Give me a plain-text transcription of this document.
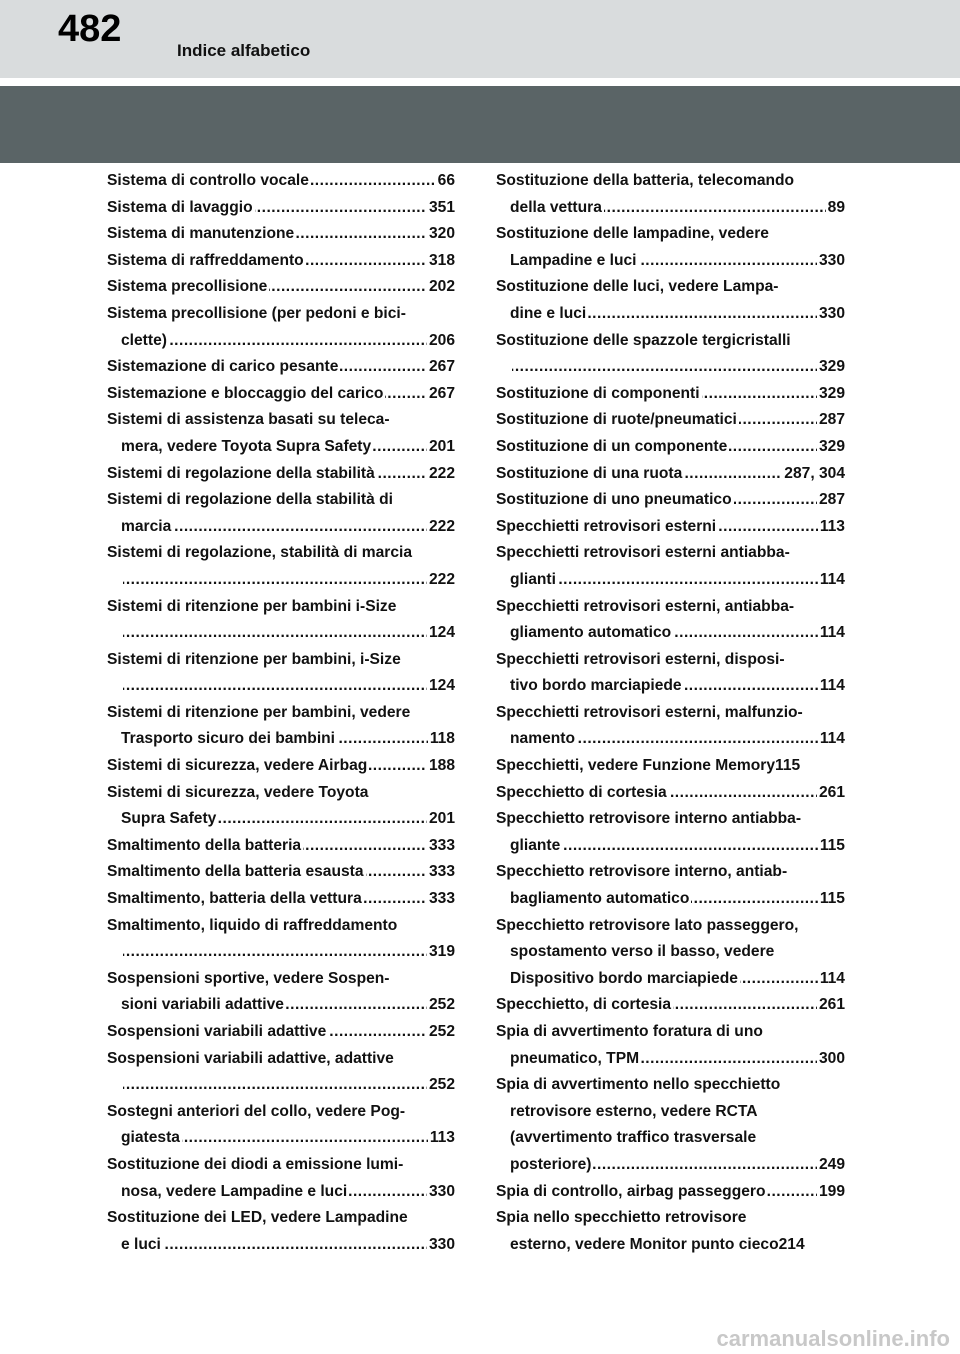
482
Indice alfabetico
Sistema di controllo vocale	66
.....
Sistema di lavaggio	351
.....
Sistema di manutenzione	320
.....
Sistema di raffreddamento	318
.....
Sistema precollisione	202
.....
Sistema precollisione (per pedoni e bici-
clette)	206
.....
Sistemazione di carico pesante	267
.....
Sistemazione e bloccaggio del carico	267
.....
Sistemi di assistenza basati su teleca-
mera, vedere Toyota Supra Safety	201
.....
Sistemi di regolazione della stabilità	222
.....
Sistemi di regolazione della stabilità di
marcia	222
.....
Sistemi di regolazione, stabilità di marcia
222
.....
Sistemi di ritenzione per bambini i-Size
124
.....
Sistemi di ritenzione per bambini, i-Size
124
.....
Sistemi di ritenzione per bambini, vedere
Trasporto sicuro dei bambini	118
.....
Sistemi di sicurezza, vedere Airbag	188
.....
Sistemi di sicurezza, vedere Toyota
Supra Safety	201
.....
Smaltimento della batteria	333
.....
Smaltimento della batteria esausta	333
.....
Smaltimento, batteria della vettura	333
.....
Smaltimento, liquido di raffreddamento
319
.....
Sospensioni sportive, vedere Sospen-
sioni variabili adattive	252
.....
Sospensioni variabili adattive	252
.....
Sospensioni variabili adattive, adattive
252
.....
Sostegni anteriori del collo, vedere Pog-
giatesta	113
.....
Sostituzione dei diodi a emissione lumi-
nosa, vedere Lampadine e luci	330
.....
Sostituzione dei LED, vedere Lampadine
e luci	330
.....
Sostituzione della batteria, telecomando
della vettura	89
.....
Sostituzione delle lampadine, vedere
Lampadine e luci	330
.....
Sostituzione delle luci, vedere Lampa-
dine e luci	330
.....
Sostituzione delle spazzole tergicristalli
329
.....
Sostituzione di componenti	329
.....
Sostituzione di ruote/pneumatici	287
.....
Sostituzione di un componente	329
.....
Sostituzione di una ruota	287, 304
.....
Sostituzione di uno pneumatico	287
.....
Specchietti retrovisori esterni	113
.....
Specchietti retrovisori esterni antiabba-
glianti	114
.....
Specchietti retrovisori esterni, antiabba-
gliamento automatico	114
.....
Specchietti retrovisori esterni, disposi-
tivo bordo marciapiede	114
.....
Specchietti retrovisori esterni, malfunzio-
namento	114
.....
Specchietti, vedere Funzione Memory115
Specchietto di cortesia	261
.....
Specchietto retrovisore interno antiabba-
gliante	115
.....
Specchietto retrovisore interno, antiab-
bagliamento automatico	115
.....
Specchietto retrovisore lato passeggero,
spostamento verso il basso, vedere
Dispositivo bordo marciapiede	114
.....
Specchietto, di cortesia	261
.....
Spia di avvertimento foratura di uno
pneumatico, TPM	300
.....
Spia di avvertimento nello specchietto
retrovisore esterno, vedere RCTA
(avvertimento traffico trasversale
posteriore)	249
.....
Spia di controllo, airbag passeggero	199
.....
Spia nello specchietto retrovisore
esterno, vedere Monitor punto cieco214
carmanualsonline.info
